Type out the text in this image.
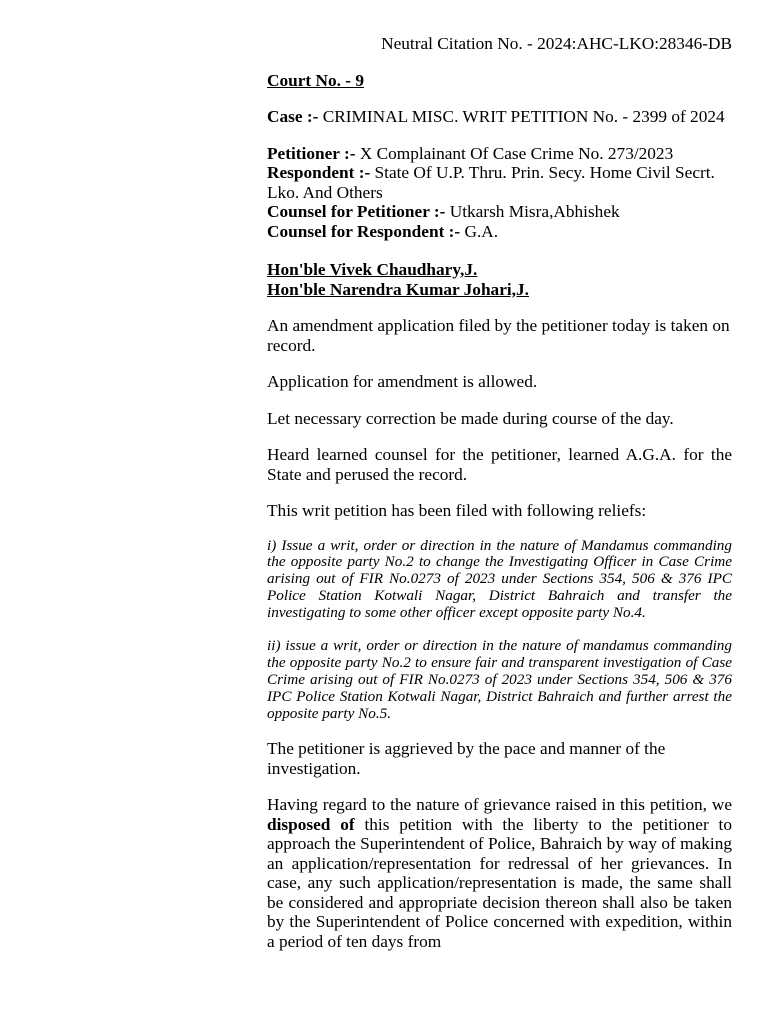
Neutral Citation No. - 2024:AHC-LKO:28346-DB

Court No. - 9

Case :- CRIMINAL MISC. WRIT PETITION No. - 2399 of 2024

Petitioner :- X Complainant Of Case Crime No. 273/2023

Respondent :- State Of U.P. Thru. Prin. Secy. Home Civil Secrt. Lko. And Others

Counsel for Petitioner :- Utkarsh Misra,Abhishek

Counsel for Respondent :- G.A.

Hon'ble Vivek Chaudhary,J.

Hon'ble Narendra Kumar Johari,J.

An amendment application filed by the petitioner today is taken on record.

Application for amendment is allowed.

Let necessary correction be made during course of the day.

Heard learned counsel for the petitioner, learned A.G.A. for the State and perused the record.

This writ petition has been filed with following reliefs:

i) Issue a writ, order or direction in the nature of Mandamus commanding the opposite party No.2 to change the Investigating Officer in Case Crime arising out of FIR No.0273 of 2023 under Sections 354, 506 & 376 IPC Police Station Kotwali Nagar, District Bahraich and transfer the investigating to some other officer except opposite party No.4.

ii) issue a writ, order or direction in the nature of mandamus commanding the opposite party No.2 to ensure fair and transparent investigation of Case Crime arising out of FIR No.0273 of 2023 under Sections 354, 506 & 376 IPC Police Station Kotwali Nagar, District Bahraich and further arrest the opposite party No.5.

The petitioner is aggrieved by the pace and manner of the investigation.

Having regard to the nature of grievance raised in this petition, we disposed of this petition with the liberty to the petitioner to approach the Superintendent of Police, Bahraich by way of making an application/representation for redressal of her grievances. In case, any such application/representation is made, the same shall be considered and appropriate decision thereon shall also be taken by the Superintendent of Police concerned with expedition, within a period of ten days from
